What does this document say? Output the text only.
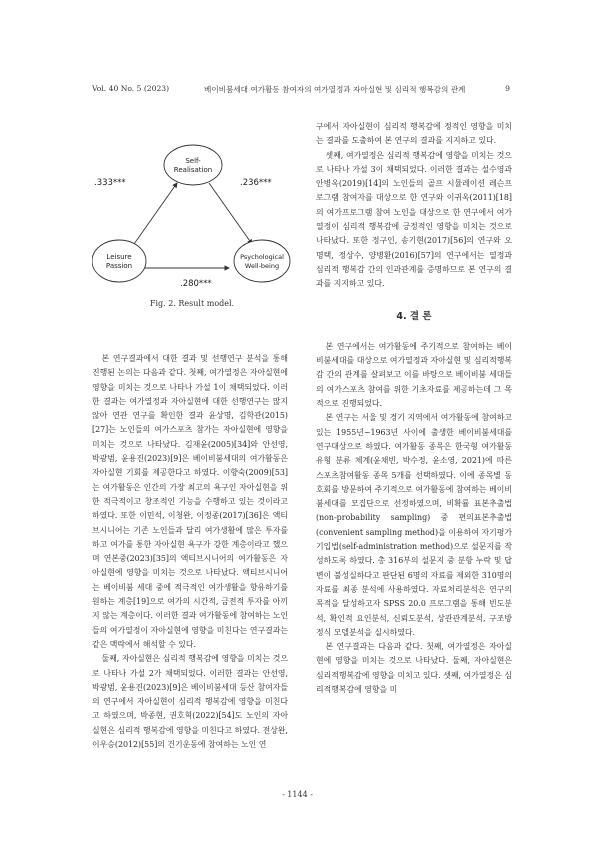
Vol. 40 No. 5 (2023)	베이비붐세대 여가활동 참여자의 여가열정과 자아실현 및 심리적 행복감의 관계	9
Self-
Realisation
Leisure
Passion
Psychological
Well-being
.333***	.236***
.280***
Fig. 2. Result model.

본 연구결과에서 대한 결과 및 선행연구 분석을 통해 진행된 논의는 다음과 같다. 첫째, 여가열정은 자아실현에 영향을 미치는 것으로 나타나 가설 1이 채택되었다. 이러한 결과는 여가열정과 자아실현에 대한 선행연구는 많지 않아 연관 연구를 확인한 결과 윤상명, 김학관(2015)[27]는 노인들의 여가스포츠 참가는 자아실현에 영향을 미치는 것으로 나타났다. 김재윤(2005)[34]와 안선영, 박광범, 윤용진(2023)[9]은 베이비붐세대의 여가활동은 자아실현 기회를 제공한다고 하였다. 이향숙(2009)[53]는 여가활동은 인간의 가장 최고의 욕구인 자아실현을 위한 적극적이고 창조적인 기능을 수행하고 있는 것이라고 하였다. 또한 이민석, 이청완, 이정종(2017)[36]은 액티브시니어는 기존 노인들과 달리 여가생활에 많은 투자를 하고 여가를 통한 자아실현 욕구가 강한 계층이라고 했으며 연본중(2023)[35]의 액티브시니어의 여가활동은 자아실현에 영향을 미치는 것으로 나타났다. 액티브시니어는 베이비붐 세대 중에 적극적인 여가생활을 향유하기를 원하는 계층[19]으로 여가의 시간적, 금전적 투자를 아끼지 않는 계층이다. 이러한 결과 여가활동에 참여하는 노인들의 여가열정이 자아실현에 영향을 미친다는 연구결과는 같은 맥락에서 해석할 수 있다.

둘째, 자아실현은 심리적 행복감에 영향을 미치는 것으로 나타나 가설 2가 채택되었다. 이러한 결과는 안선영, 박광범, 윤용진(2023)[9]은 베이비붐세대 등산 참여자들의 연구에서 자아실현이 심리적 행복감에 영향을 미친다고 하였으며, 박종현, 권호혁(2022)[54]도 노인의 자아실현은 심리적 행복감에 영향을 미친다고 하였다. 전상완, 이우승(2012)[55]의 건기운동에 참여하는 노인 연

구에서 자아실현이 심리적 행복감에 정적인 영향을 미치는 결과를 도출하여 본 연구의 결과를 지지하고 있다.

셋째, 여가열정은 심리적 행복감에 영향을 미치는 것으로 나타나 가설 3이 채택되었다. 이러한 결과는 설수영과 안병옥(2019)[14]의 노인들의 골프 시뮬레이션 레슨프로그램 참여자를 대상으로 한 연구와 이귀옥(2011)[18]의 여가프로그램 참여 노인을 대상으로 한 연구에서 여가열정이 심리적 행복감에 긍정적인 영향을 미치는 것으로 나타났다. 또한 정구인, 송기현(2017)[56]의 연구와 오명택, 정상수, 양병환(2016)[57]의 연구에서는 열정과 심리적 행복감 간의 인과관계를 증명하므로 본 연구의 결과를 지지하고 있다.

4. 결 론

본 연구에서는 여가활동에 주기적으로 참여하는 베이비붐세대를 대상으로 여가열정과 자아실현 및 심리적행복감 간의 관계를 살펴보고 이를 바탕으로 베이비붐 세대들의 여가스포츠 참여를 위한 기초자료를 제공하는데 그 목적으로 진행되었다.

본 연구는 서울 및 경기 지역에서 여가활동에 참여하고 있는 1955년~1963년 사이에 출생한 베이비붐세대를 연구대상으로 하였다. 여가활동 종목은 한국형 여가활동유형 분류 체계(윤채빈, 박수정, 윤소영, 2021)에 따른 스포츠참여활동 종목 5개를 선택하였다. 이에 종목별 동호회를 방문하여 주기적으로 여가활동에 참여하는 베이비붐세대를 모집단으로 선정하였으며, 비확률 표본추출법(non-probability sampling) 중 편의표본추출법(convenient sampling method)을 이용하여 자기평가기입법(self-administration method)으로 설문지를 작성하도록 하였다. 총 316부의 설문지 중 분항 누락 및 답변이 불성실하다고 판단된 6명의 자료를 제외한 310명의 자료를 최종 분석에 사용하였다. 자료처리분석은 연구의 목적을 달성하고자 SPSS 20.0 프로그램을 통해 빈도분석, 확인적 요인분석, 신뢰도분석, 상관관계분석, 구조방정식 모델분석을 실시하였다.

본 연구결과는 다음과 같다. 첫째, 여가열정은 자아실현에 영향을 미치는 것으로 나타났다. 둘째, 자아실현은 심리적행복감에 영향을 미치고 있다. 셋째, 여가열정은 심리적행복감에 영향을 미

- 1144 -
